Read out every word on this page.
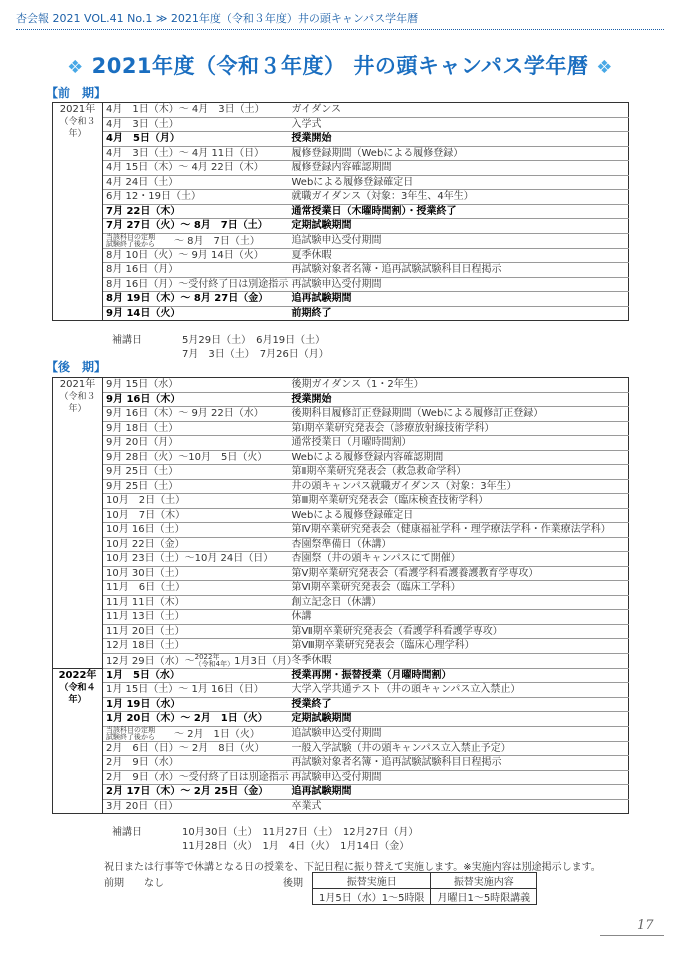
杏会報 2021 VOL.41 No.1 ≫ 2021年度（令和３年度）井の頭キャンパス学年暦
❖ 2021年度（令和３年度） 井の頭キャンパス学年暦 ❖
【前　期】
2021年
（令和３年）	4月　1日（木）～ 4月　3日（土）	ガイダンス
	4月　3日（土）	入学式
	4月　5日（月）	授業開始
	4月　3日（土）～ 4月 11日（日）	履修登録期間（Webによる履修登録）
	4月 15日（木）～ 4月 22日（木）	履修登録内容確認期間
	4月 24日（土）	Webによる履修登録確定日
	6月 12・19日（土）	就職ガイダンス（対象：3年生、4年生）
	7月 22日（木）	通常授業日（木曜時間割）・授業終了
	7月 27日（火）～ 8月　7日（土）	定期試験期間

	当該科目の定期
試験終了後から ～ 8月　7日（土）	追試験申込受付期間
	8月 10日（火）～ 9月 14日（火）	夏季休暇
	8月 16日（月）	再試験対象者名簿・追再試験試験科目日程掲示
	8月 16日（月）～受付終了日は別途指示	再試験申込受付期間
	8月 19日（木）～ 8月 27日（金）	追再試験期間
	9月 14日（火）	前期終了
補講日	5月29日（土）　6月19日（土）
7月　3日（土）　7月26日（月）
【後　期】
2021年
（令和３年）	9月 15日（水）	後期ガイダンス（1・2年生）
	9月 16日（木）	授業開始
	9月 16日（木）～ 9月 22日（水）	後期科目履修訂正登録期間（Webによる履修訂正登録）
	9月 18日（土）	第Ⅰ期卒業研究発表会（診療放射線技術学科）
	9月 20日（月）	通常授業日（月曜時間割）
	9月 28日（火）～10月　5日（火）	Webによる履修登録内容確認期間
	9月 25日（土）	第Ⅱ期卒業研究発表会（救急救命学科）
	9月 25日（土）	井の頭キャンパス就職ガイダンス（対象：3年生）
	10月　2日（土）	第Ⅲ期卒業研究発表会（臨床検査技術学科）
	10月　7日（木）	Webによる履修登録確定日
	10月 16日（土）	第Ⅳ期卒業研究発表会（健康福祉学科・理学療法学科・作業療法学科）
	10月 22日（金）	杏園祭準備日（休講）
	10月 23日（土）～10月 24日（日）	杏園祭（井の頭キャンパスにて開催）
	10月 30日（土）	第Ⅴ期卒業研究発表会（看護学科看護養護教育学専攻）
	11月　6日（土）	第Ⅵ期卒業研究発表会（臨床工学科）
	11月 11日（木）	創立記念日（休講）
	11月 13日（土）	休講
	11月 20日（土）	第Ⅶ期卒業研究発表会（看護学科看護学専攻）
	12月 18日（土）	第Ⅷ期卒業研究発表会（臨床心理学科）
	12月 29日（水）～ 2022年
（令和4年） 1月3日（月）	冬季休暇

2022年
（令和４年）	1月　5日（水）	授業再開・振替授業（月曜時間割）
	1月 15日（土）～ 1月 16日（日）	大学入学共通テスト（井の頭キャンパス立入禁止）
	1月 19日（水）	授業終了
	1月 20日（木）～ 2月　1日（火）	定期試験期間

	当該科目の定期
試験終了後から ～ 2月　1日（火）	追試験申込受付期間
	2月　6日（日）～ 2月　8日（火）	一般入学試験（井の頭キャンパス立入禁止予定）
	2月　9日（水）	再試験対象者名簿・追再試験試験科目日程掲示
	2月　9日（水）～受付終了日は別途指示	再試験申込受付期間
	2月 17日（木）～ 2月 25日（金）	追再試験期間
	3月 20日（日）	卒業式
補講日	10月30日（土）　11月27日（土）　12月27日（月）
11月28日（火）　1月　4日（火）　1月14日（金）
祝日または行事等で休講となる日の授業を、下記日程に振り替えて実施します。※実施内容は別途掲示します。
前期 なし	後期	振替実施日	振替実施内容
1月5日（水）1～5時限	月曜日1～5時限講義
17
